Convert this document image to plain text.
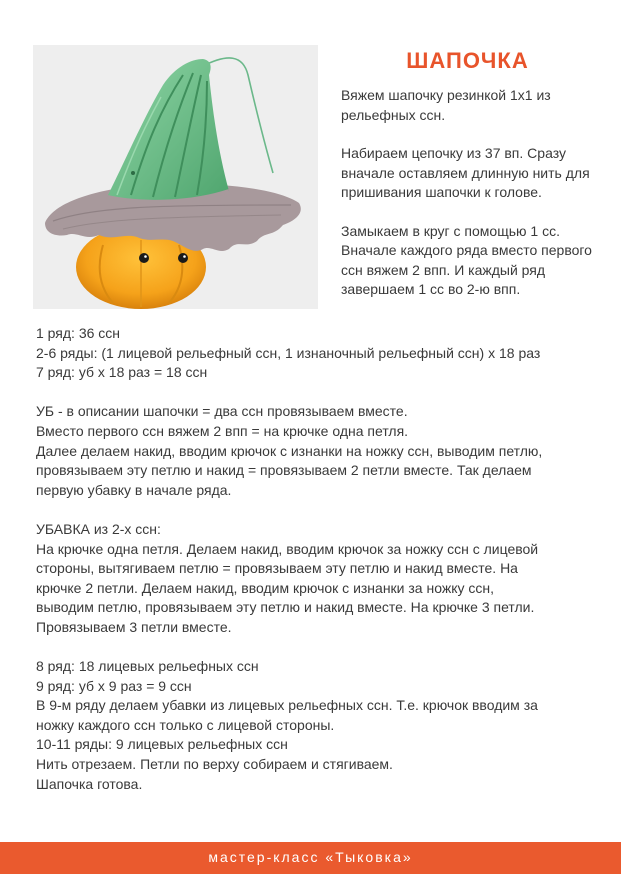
ШАПОЧКА

Вяжем шапочку резинкой 1х1 из рельефных ссн.

Набираем цепочку из 37 вп. Сразу вначале оставляем длинную нить для пришивания шапочки к голове.

Замыкаем в круг с помощью 1 сс. Вначале каждого ряда вместо первого ссн вяжем 2 впп. И каждый ряд завершаем 1 сс во 2-ю впп.

1 ряд: 36 ссн
2-6 ряды: (1 лицевой рельефный ссн, 1 изнаночный рельефный ссн) х 18 раз
7 ряд: уб х 18 раз = 18 ссн
УБ - в описании шапочки = два ссн провязываем вместе.
Вместо первого ссн вяжем 2 впп = на крючке одна петля.
Далее делаем накид, вводим крючок с изнанки на ножку ссн, выводим петлю,
провязываем эту петлю и накид = провязываем 2 петли вместе. Так делаем
первую убавку в начале ряда.
УБАВКА из 2-х ссн:
На крючке одна петля. Делаем накид, вводим крючок за ножку ссн с лицевой
стороны, вытягиваем петлю = провязываем эту петлю и накид вместе. На
крючке 2 петли. Делаем накид, вводим крючок с изнанки за ножку ссн,
выводим петлю, провязываем эту петлю и накид вместе. На крючке 3 петли.
Провязываем 3 петли вместе.
8 ряд: 18 лицевых рельефных ссн
9 ряд: уб х 9 раз = 9 ссн
В 9-м ряду делаем убавки из лицевых рельефных ссн. Т.е. крючок вводим за
ножку каждого ссн только с лицевой стороны.
10-11 ряды: 9 лицевых рельефных ссн
Нить отрезаем. Петли по верху собираем и стягиваем.
Шапочка готова.
мастер-класс «Тыковка»
